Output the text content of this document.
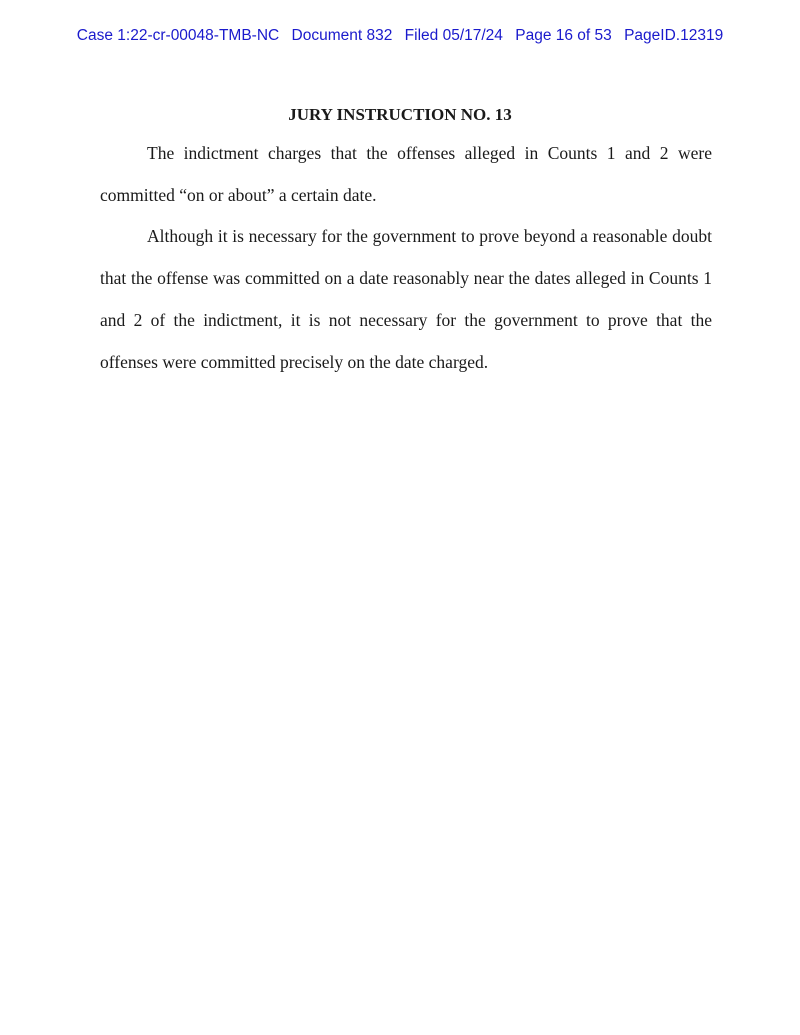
Case 1:22-cr-00048-TMB-NC Document 832 Filed 05/17/24 Page 16 of 53 PageID.12319
JURY INSTRUCTION NO. 13

The indictment charges that the offenses alleged in Counts 1 and 2 were committed “on or about” a certain date.

Although it is necessary for the government to prove beyond a reasonable doubt that the offense was committed on a date reasonably near the dates alleged in Counts 1 and 2 of the indictment, it is not necessary for the government to prove that the offenses were committed precisely on the date charged.
